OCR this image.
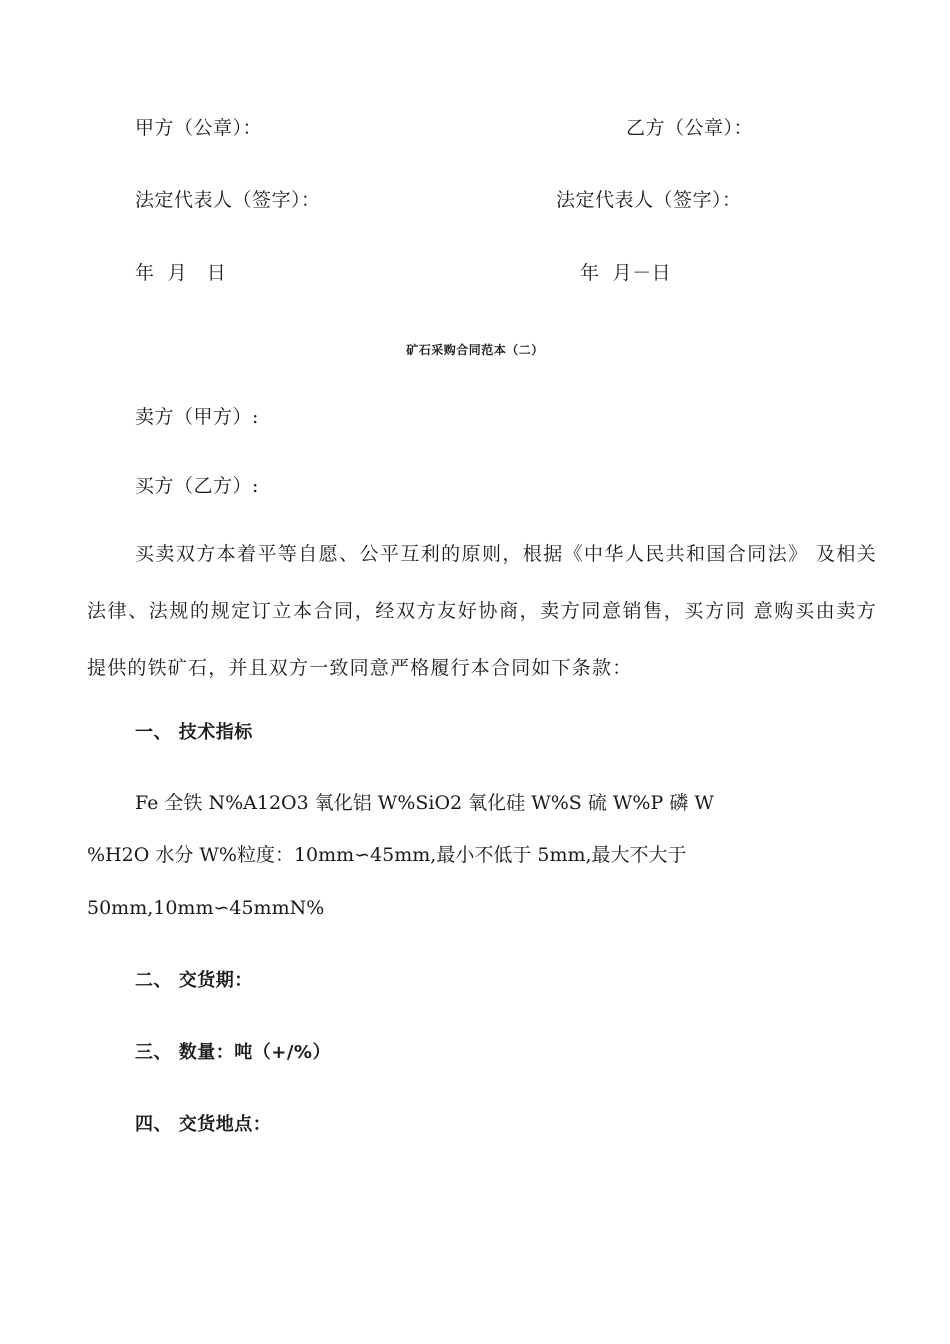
甲方（公章）：	乙方（公章）：
法定代表人（签字）：	法定代表人（签字）：
年  月   日	年  月－日
矿石采购合同范本（二）
卖方（甲方）:
买方（乙方）:
买卖双方本着平等自愿、公平互利的原则，根据《中华人民共和国合同法》 及相关法律、法规的规定订立本合同，经双方友好协商，卖方同意销售，买方同 意购买由卖方提供的铁矿石，并且双方一致同意严格履行本合同如下条款：
一、 技术指标
Fe 全铁 N%A12O3 氧化铝 W%SiO2 氧化硅 W%S 硫 W%P 磷 W
%H2O 水分 W%粒度：10mm∽45mm,最小不低于 5mm,最大不大于
50mm,10mm∽45mmN%
二、 交货期：
三、 数量：吨（+/%）
四、 交货地点：
